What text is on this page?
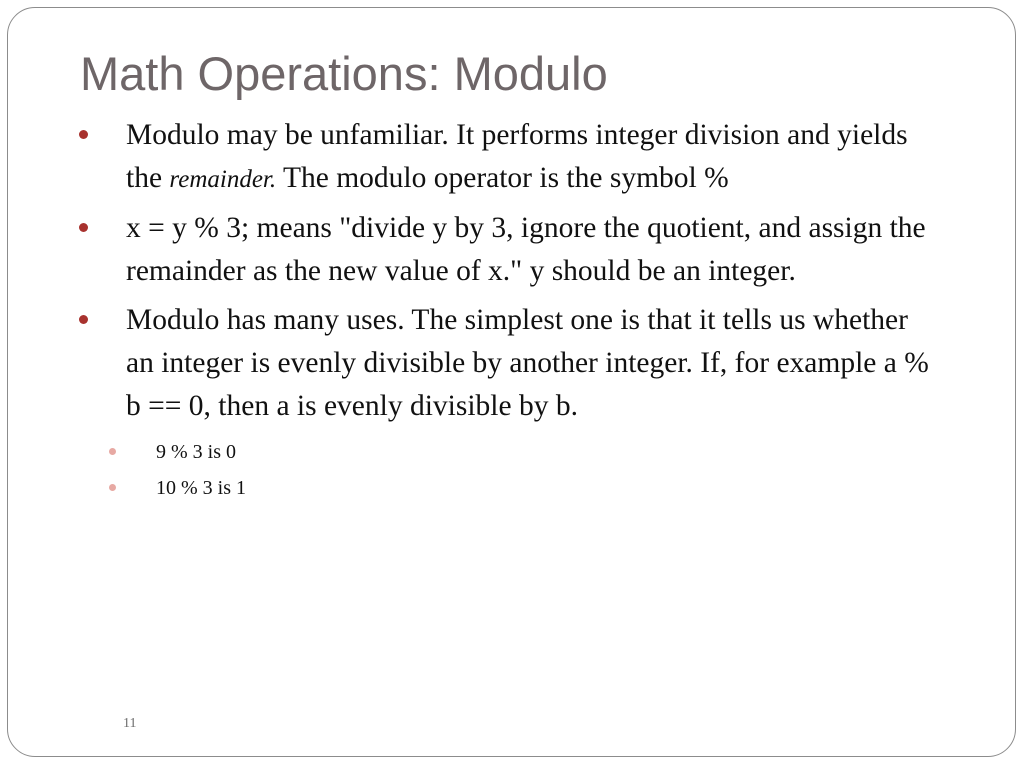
Math Operations: Modulo
Modulo may be unfamiliar. It performs integer division and yields the remainder. The modulo operator is the symbol %
x = y % 3; means "divide y by 3, ignore the quotient, and assign the remainder as the new value of x." y should be an integer.
Modulo has many uses. The simplest one is that it tells us whether an integer is evenly divisible by another integer. If, for example a % b == 0, then a is evenly divisible by b.
9 % 3 is 0
10 % 3 is 1
11
